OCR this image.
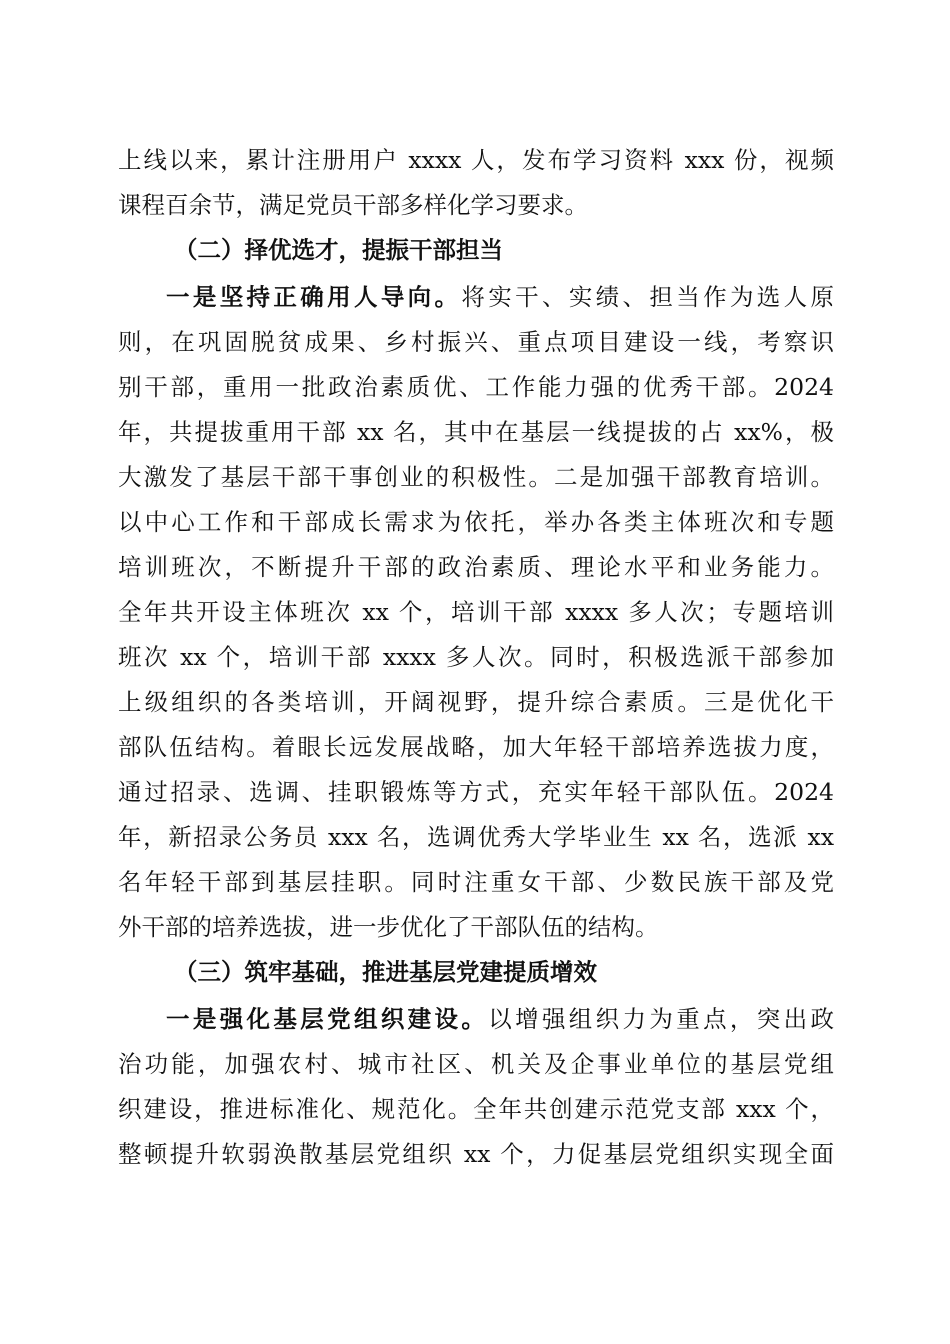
上线以来，累计注册用户 xxxx 人，发布学习资料 xxx 份，视频
课程百余节，满足党员干部多样化学习要求。
（二）择优选才，提振干部担当
一是坚持正确用人导向。将实干、实绩、担当作为选人原
则，在巩固脱贫成果、乡村振兴、重点项目建设一线，考察识
别干部，重用一批政治素质优、工作能力强的优秀干部。2024
年，共提拔重用干部 xx 名，其中在基层一线提拔的占 xx%，极
大激发了基层干部干事创业的积极性。二是加强干部教育培训。
以中心工作和干部成长需求为依托，举办各类主体班次和专题
培训班次，不断提升干部的政治素质、理论水平和业务能力。
全年共开设主体班次 xx 个，培训干部 xxxx 多人次；专题培训
班次 xx 个，培训干部 xxxx 多人次。同时，积极选派干部参加
上级组织的各类培训，开阔视野，提升综合素质。三是优化干
部队伍结构。着眼长远发展战略，加大年轻干部培养选拔力度，
通过招录、选调、挂职锻炼等方式，充实年轻干部队伍。2024
年，新招录公务员 xxx 名，选调优秀大学毕业生 xx 名，选派 xx
名年轻干部到基层挂职。同时注重女干部、少数民族干部及党
外干部的培养选拔，进一步优化了干部队伍的结构。
（三）筑牢基础，推进基层党建提质增效
一是强化基层党组织建设。以增强组织力为重点，突出政
治功能，加强农村、城市社区、机关及企事业单位的基层党组
织建设，推进标准化、规范化。全年共创建示范党支部 xxx 个，
整顿提升软弱涣散基层党组织 xx 个，力促基层党组织实现全面
